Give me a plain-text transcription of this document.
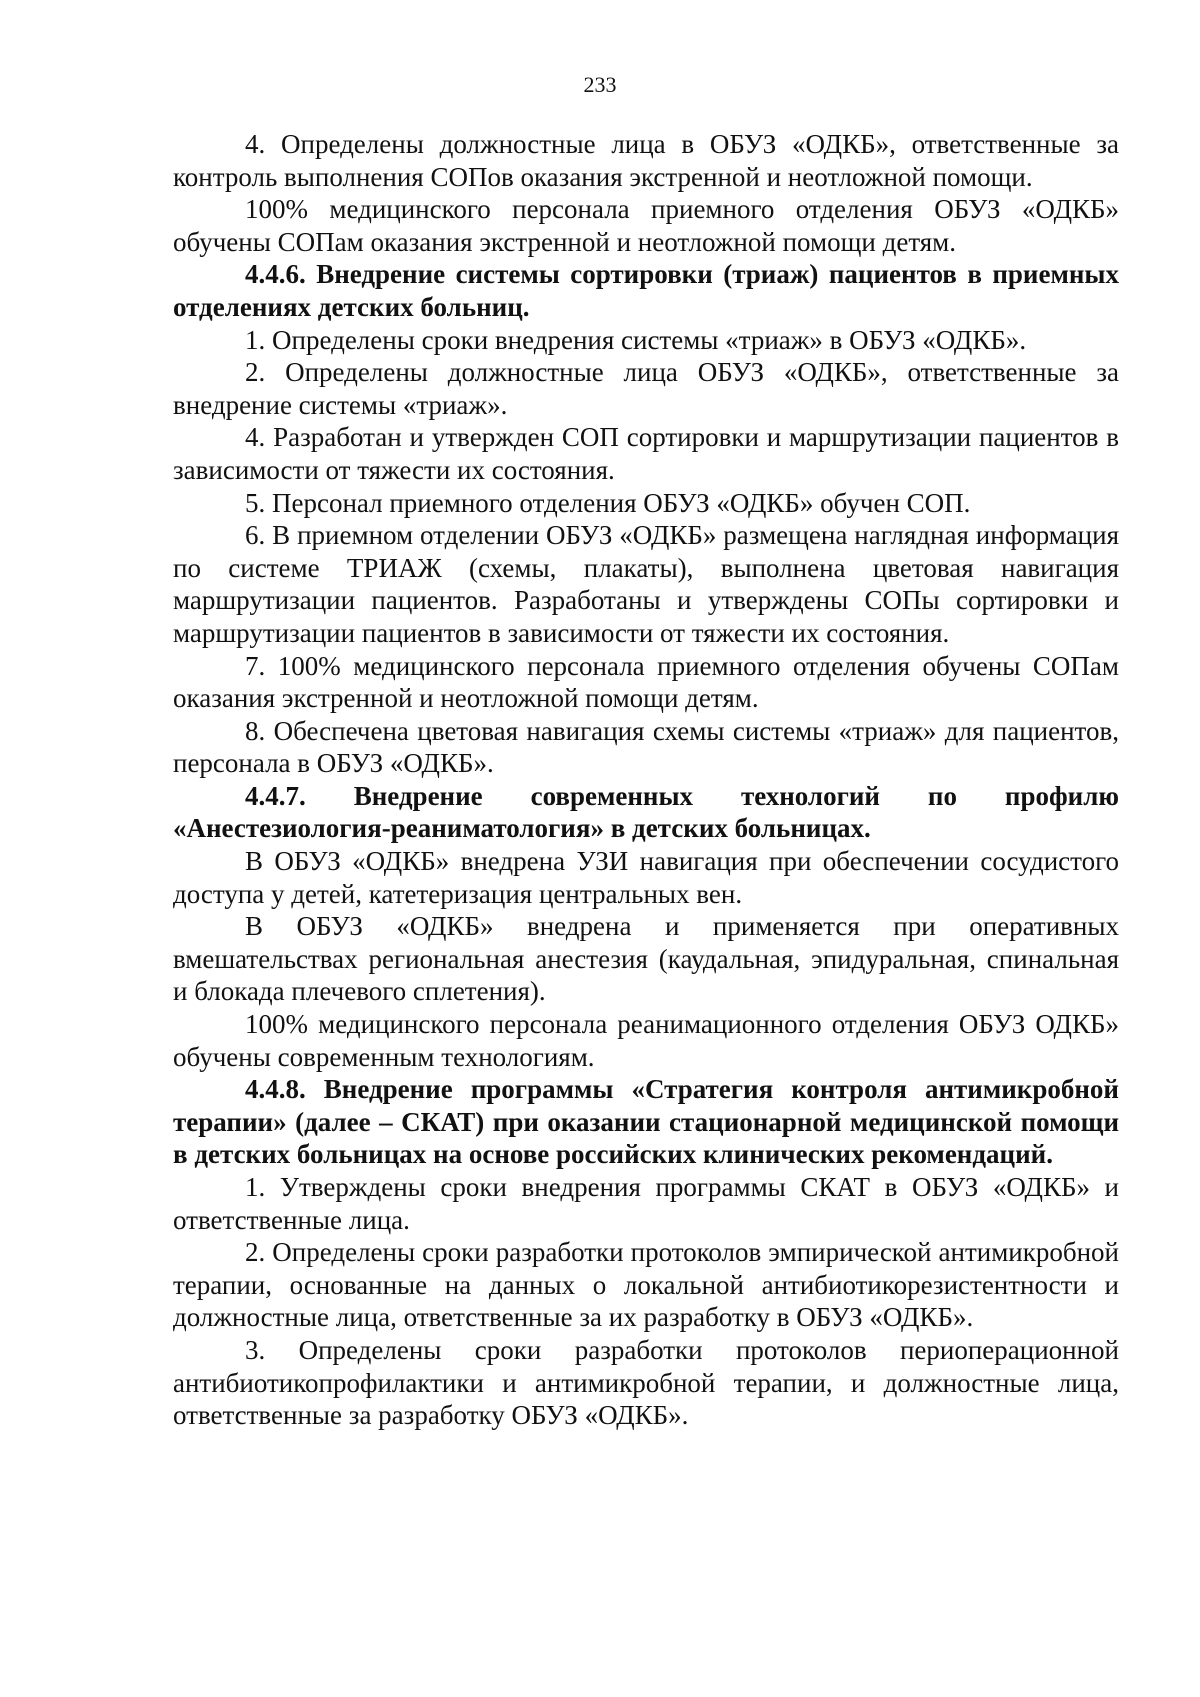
233

4. Определены должностные лица в ОБУЗ «ОДКБ», ответственные за контроль выполнения СОПов оказания экстренной и неотложной помощи.

100% медицинского персонала приемного отделения ОБУЗ «ОДКБ» обучены СОПам оказания экстренной и неотложной помощи детям.

4.4.6. Внедрение системы сортировки (триаж) пациентов в приемных отделениях детских больниц.

1. Определены сроки внедрения системы «триаж» в ОБУЗ «ОДКБ».

2. Определены должностные лица ОБУЗ «ОДКБ», ответственные за внедрение системы «триаж».

4. Разработан и утвержден СОП сортировки и маршрутизации пациентов в зависимости от тяжести их состояния.

5. Персонал приемного отделения ОБУЗ «ОДКБ» обучен СОП.

6. В приемном отделении ОБУЗ «ОДКБ» размещена наглядная информация по системе ТРИАЖ (схемы, плакаты), выполнена цветовая навигация маршрутизации пациентов. Разработаны и утверждены СОПы сортировки и маршрутизации пациентов в зависимости от тяжести их состояния.

7. 100% медицинского персонала приемного отделения обучены СОПам оказания экстренной и неотложной помощи детям.

8. Обеспечена цветовая навигация схемы системы «триаж» для пациентов, персонала в ОБУЗ «ОДКБ».

4.4.7. Внедрение современных технологий по профилю «Анестезиология-реаниматология» в детских больницах.

В ОБУЗ «ОДКБ» внедрена УЗИ навигация при обеспечении сосудистого доступа у детей, катетеризация центральных вен.

В ОБУЗ «ОДКБ» внедрена и применяется при оперативных вмешательствах региональная анестезия (каудальная, эпидуральная, спинальная и блокада плечевого сплетения).

100% медицинского персонала реанимационного отделения ОБУЗ ОДКБ» обучены современным технологиям.

4.4.8. Внедрение программы «Стратегия контроля антимикробной терапии» (далее – СКАТ) при оказании стационарной медицинской помощи в детских больницах на основе российских клинических рекомендаций.

1. Утверждены сроки внедрения программы СКАТ в ОБУЗ «ОДКБ» и ответственные лица.

2. Определены сроки разработки протоколов эмпирической антимикробной терапии, основанные на данных о локальной антибиотикорезистентности и должностные лица, ответственные за их разработку в ОБУЗ «ОДКБ».

3. Определены сроки разработки протоколов периоперационной антибиотикопрофилактики и антимикробной терапии, и должностные лица, ответственные за разработку ОБУЗ «ОДКБ».
